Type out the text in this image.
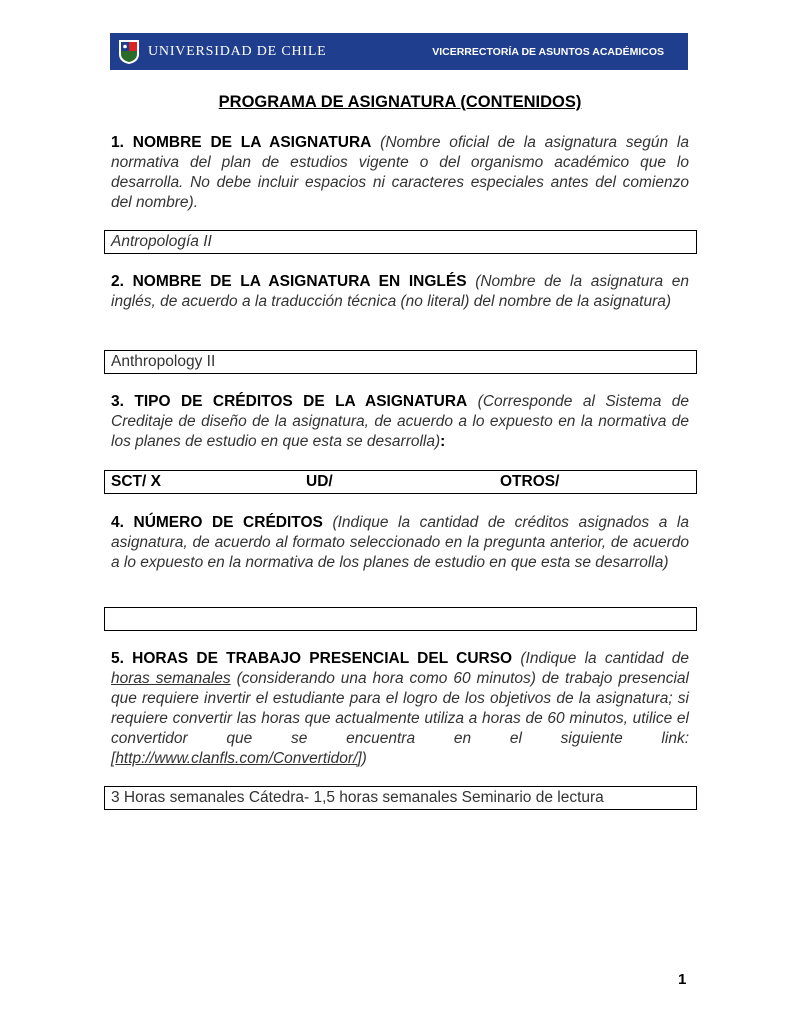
UNIVERSIDAD DE CHILE	VICERRECTORÍA DE ASUNTOS ACADÉMICOS
PROGRAMA DE ASIGNATURA (CONTENIDOS)

1. NOMBRE DE LA ASIGNATURA (Nombre oficial de la asignatura según la normativa del plan de estudios vigente o del organismo académico que lo desarrolla. No debe incluir espacios ni caracteres especiales antes del comienzo del nombre).

Antropología II

2. NOMBRE DE LA ASIGNATURA EN INGLÉS (Nombre de la asignatura en inglés, de acuerdo a la traducción técnica (no literal) del nombre de la asignatura)

Anthropology II

3. TIPO DE CRÉDITOS DE LA ASIGNATURA (Corresponde al Sistema de Creditaje de diseño de la asignatura, de acuerdo a lo expuesto en la normativa de los planes de estudio en que esta se desarrolla):

SCT/ X	UD/	OTROS/

4. NÚMERO DE CRÉDITOS (Indique la cantidad de créditos asignados a la asignatura, de acuerdo al formato seleccionado en la pregunta anterior, de acuerdo a lo expuesto en la normativa de los planes de estudio en que esta se desarrolla)

5. HORAS DE TRABAJO PRESENCIAL DEL CURSO (Indique la cantidad de horas semanales (considerando una hora como 60 minutos) de trabajo presencial que requiere invertir el estudiante para el logro de los objetivos de la asignatura; si requiere convertir las horas que actualmente utiliza a horas de 60 minutos, utilice el convertidor que se encuentra en el siguiente link: [http://www.clanfls.com/Convertidor/])

3 Horas semanales Cátedra- 1,5 horas semanales Seminario de lectura
1
